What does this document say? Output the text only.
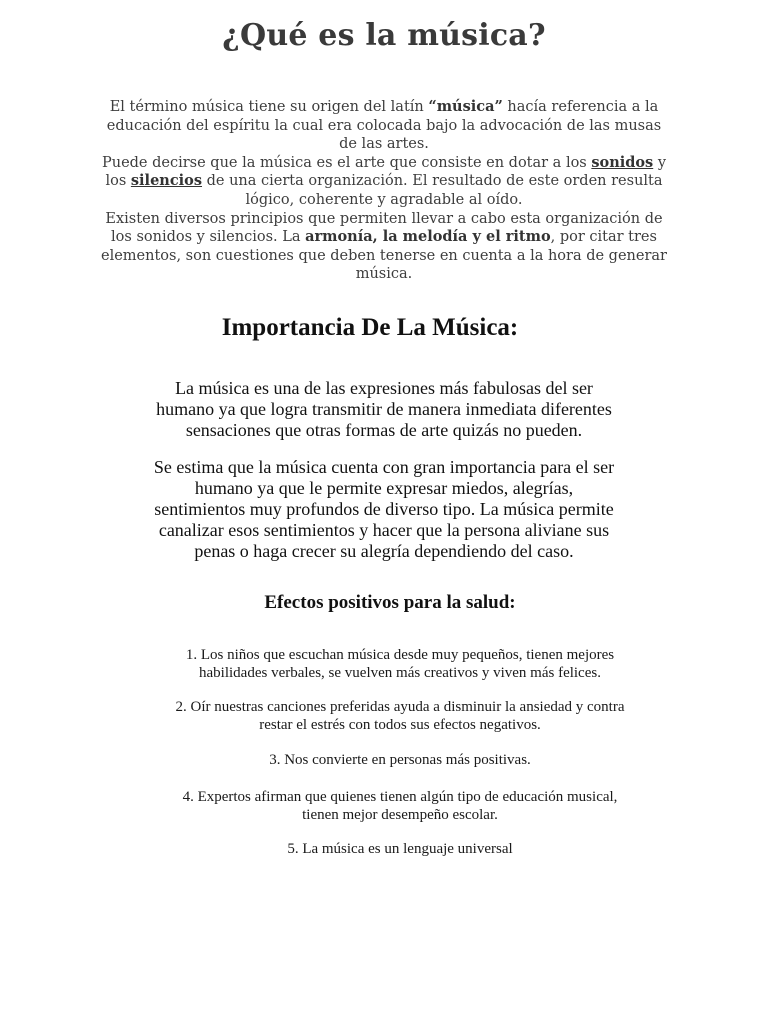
¿Qué es la música?
El término música tiene su origen del latín “música” hacía referencia a la
educación del espíritu la cual era colocada bajo la advocación de las musas
de las artes.
Puede decirse que la música es el arte que consiste en dotar a los sonidos y
los silencios de una cierta organización. El resultado de este orden resulta
lógico, coherente y agradable al oído.
Existen diversos principios que permiten llevar a cabo esta organización de
los sonidos y silencios. La armonía, la melodía y el ritmo, por citar tres
elementos, son cuestiones que deben tenerse en cuenta a la hora de generar
música.
Importancia De La Música:
La música es una de las expresiones más fabulosas del ser
humano ya que logra transmitir de manera inmediata diferentes
sensaciones que otras formas de arte quizás no pueden.
Se estima que la música cuenta con gran importancia para el ser
humano ya que le permite expresar miedos, alegrías,
sentimientos muy profundos de diverso tipo. La música permite
canalizar esos sentimientos y hacer que la persona aliviane sus
penas o haga crecer su alegría dependiendo del caso.
Efectos positivos para la salud:
1. Los niños que escuchan música desde muy pequeños, tienen mejores
habilidades verbales, se vuelven más creativos y viven más felices.
2. Oír nuestras canciones preferidas ayuda a disminuir la ansiedad y contra
restar el estrés con todos sus efectos negativos.
3. Nos convierte en personas más positivas.
4. Expertos afirman que quienes tienen algún tipo de educación musical,
tienen mejor desempeño escolar.
5. La música es un lenguaje universal
